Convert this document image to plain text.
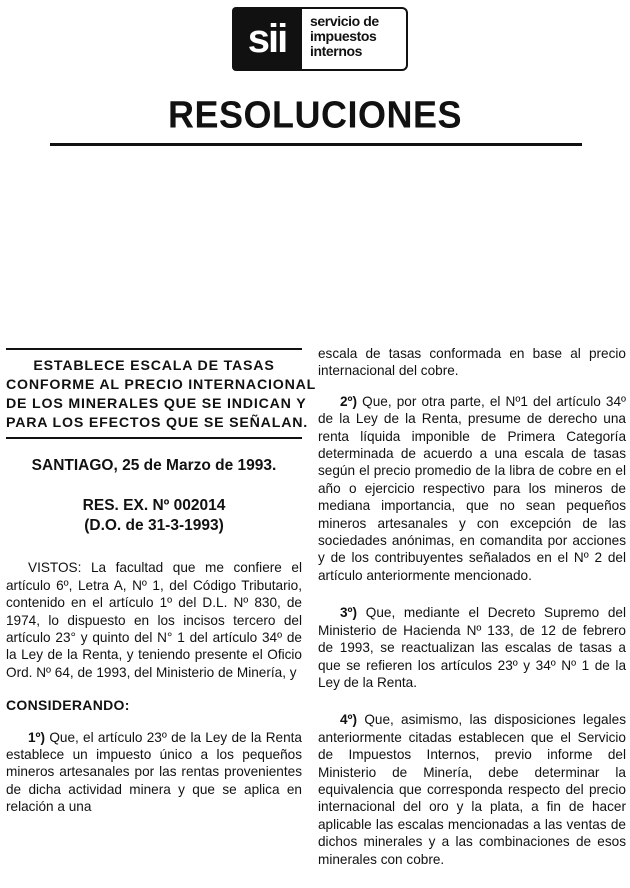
sii	servicio de
impuestos
internos
RESOLUCIONES
ESTABLECE ESCALA DE TASAS
CONFORME AL PRECIO INTERNACIONAL
DE LOS MINERALES QUE SE INDICAN Y
PARA LOS EFECTOS QUE SE SEÑALAN.
SANTIAGO, 25 de Marzo de 1993.
RES. EX. Nº 002014
(D.O. de 31-3-1993)

VISTOS: La facultad que me confiere el artículo 6º, Letra A, Nº 1, del Código Tributario, contenido en el artículo 1º del D.L. Nº 830, de 1974, lo dispuesto en los incisos tercero del artículo 23° y quinto del N° 1 del artículo 34º de la Ley de la Renta, y teniendo presente el Oficio Ord. Nº 64, de 1993, del Ministerio de Minería, y

CONSIDERANDO:

1º) Que, el artículo 23º de la Ley de la Renta establece un impuesto único a los pequeños mineros artesanales por las rentas provenientes de dicha actividad minera y que se aplica en relación a una

escala de tasas conformada en base al precio internacional del cobre.

2º) Que, por otra parte, el Nº1 del artículo 34º de la Ley de la Renta, presume de derecho una renta líquida imponible de Primera Categoría determinada de acuerdo a una escala de tasas según el precio promedio de la libra de cobre en el año o ejercicio respectivo para los mineros de mediana importancia, que no sean pequeños mineros artesanales y con excepción de las sociedades anónimas, en comandita por acciones y de los contribuyentes señalados en el Nº 2 del artículo anteriormente mencionado.

3º) Que, mediante el Decreto Supremo del Ministerio de Hacienda Nº 133, de 12 de febrero de 1993, se reactualizan las escalas de tasas a que se refieren los artículos 23º y 34º Nº 1 de la Ley de la Renta.

4º) Que, asimismo, las disposiciones legales anteriormente citadas establecen que el Servicio de Impuestos Internos, previo informe del Ministerio de Minería, debe determinar la equivalencia que corresponda respecto del precio internacional del oro y la plata, a fin de hacer aplicable las escalas mencionadas a las ventas de dichos minerales y a las combinaciones de esos minerales con cobre.
